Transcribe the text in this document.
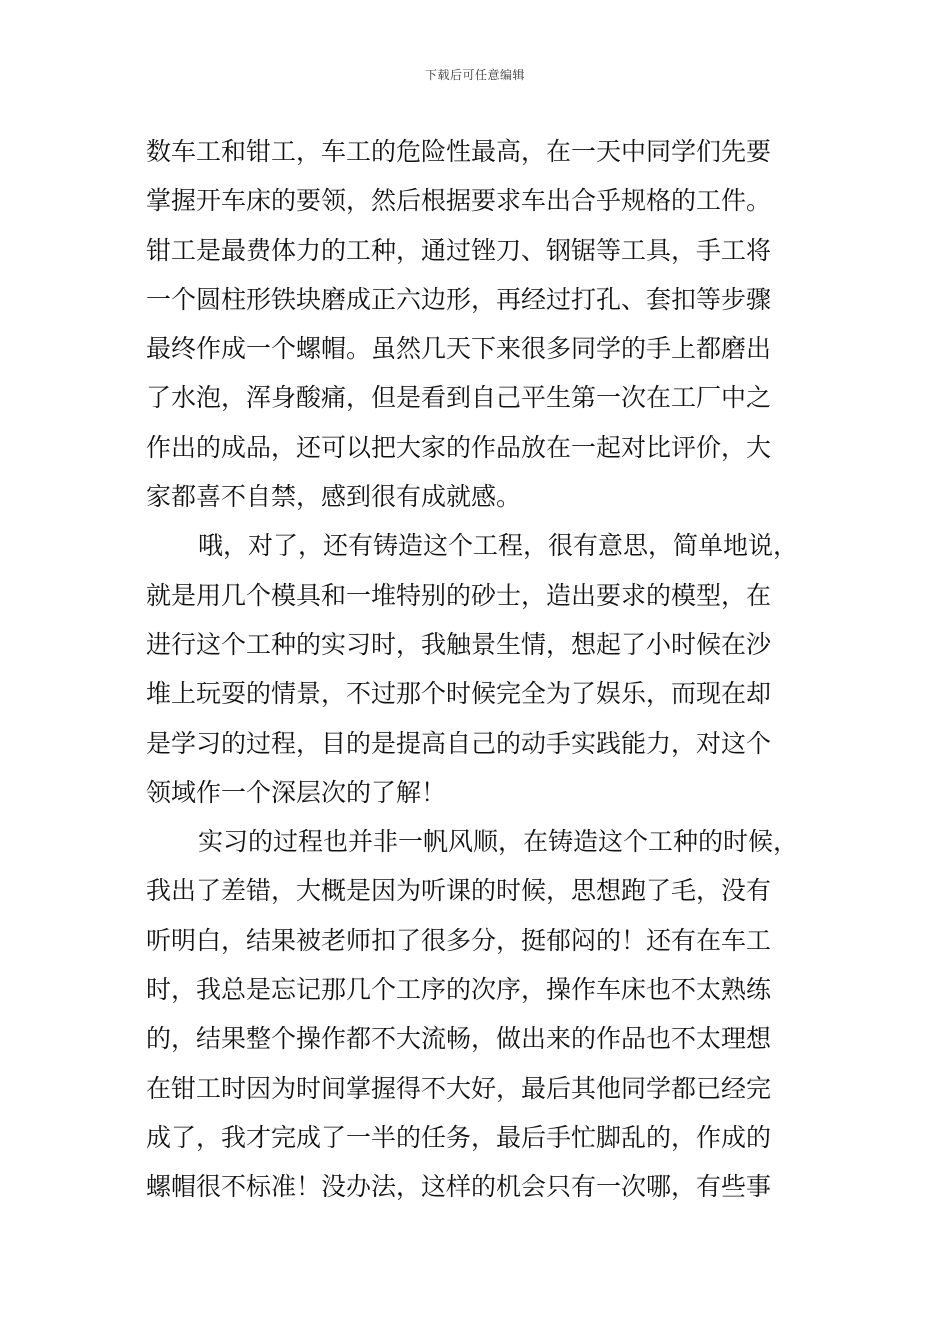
下载后可任意编辑
数车工和钳工，车工的危险性最高，在一天中同学们先要
掌握开车床的要领，然后根据要求车出合乎规格的工件。
钳工是最费体力的工种，通过锉刀、钢锯等工具，手工将
一个圆柱形铁块磨成正六边形，再经过打孔、套扣等步骤
最终作成一个螺帽。虽然几天下来很多同学的手上都磨出
了水泡，浑身酸痛，但是看到自己平生第一次在工厂中之
作出的成品，还可以把大家的作品放在一起对比评价，大
家都喜不自禁，感到很有成就感。
哦，对了，还有铸造这个工程，很有意思，简单地说，
就是用几个模具和一堆特别的砂士，造出要求的模型，在
进行这个工种的实习时，我触景生情，想起了小时候在沙
堆上玩耍的情景，不过那个时候完全为了娱乐，而现在却
是学习的过程，目的是提高自己的动手实践能力，对这个
领域作一个深层次的了解！
实习的过程也并非一帆风顺，在铸造这个工种的时候，
我出了差错，大概是因为听课的时候，思想跑了毛，没有
听明白，结果被老师扣了很多分，挺郁闷的！还有在车工
时，我总是忘记那几个工序的次序，操作车床也不太熟练
的，结果整个操作都不大流畅，做出来的作品也不太理想
在钳工时因为时间掌握得不大好，最后其他同学都已经完
成了，我才完成了一半的任务，最后手忙脚乱的，作成的
螺帽很不标准！没办法，这样的机会只有一次哪，有些事
